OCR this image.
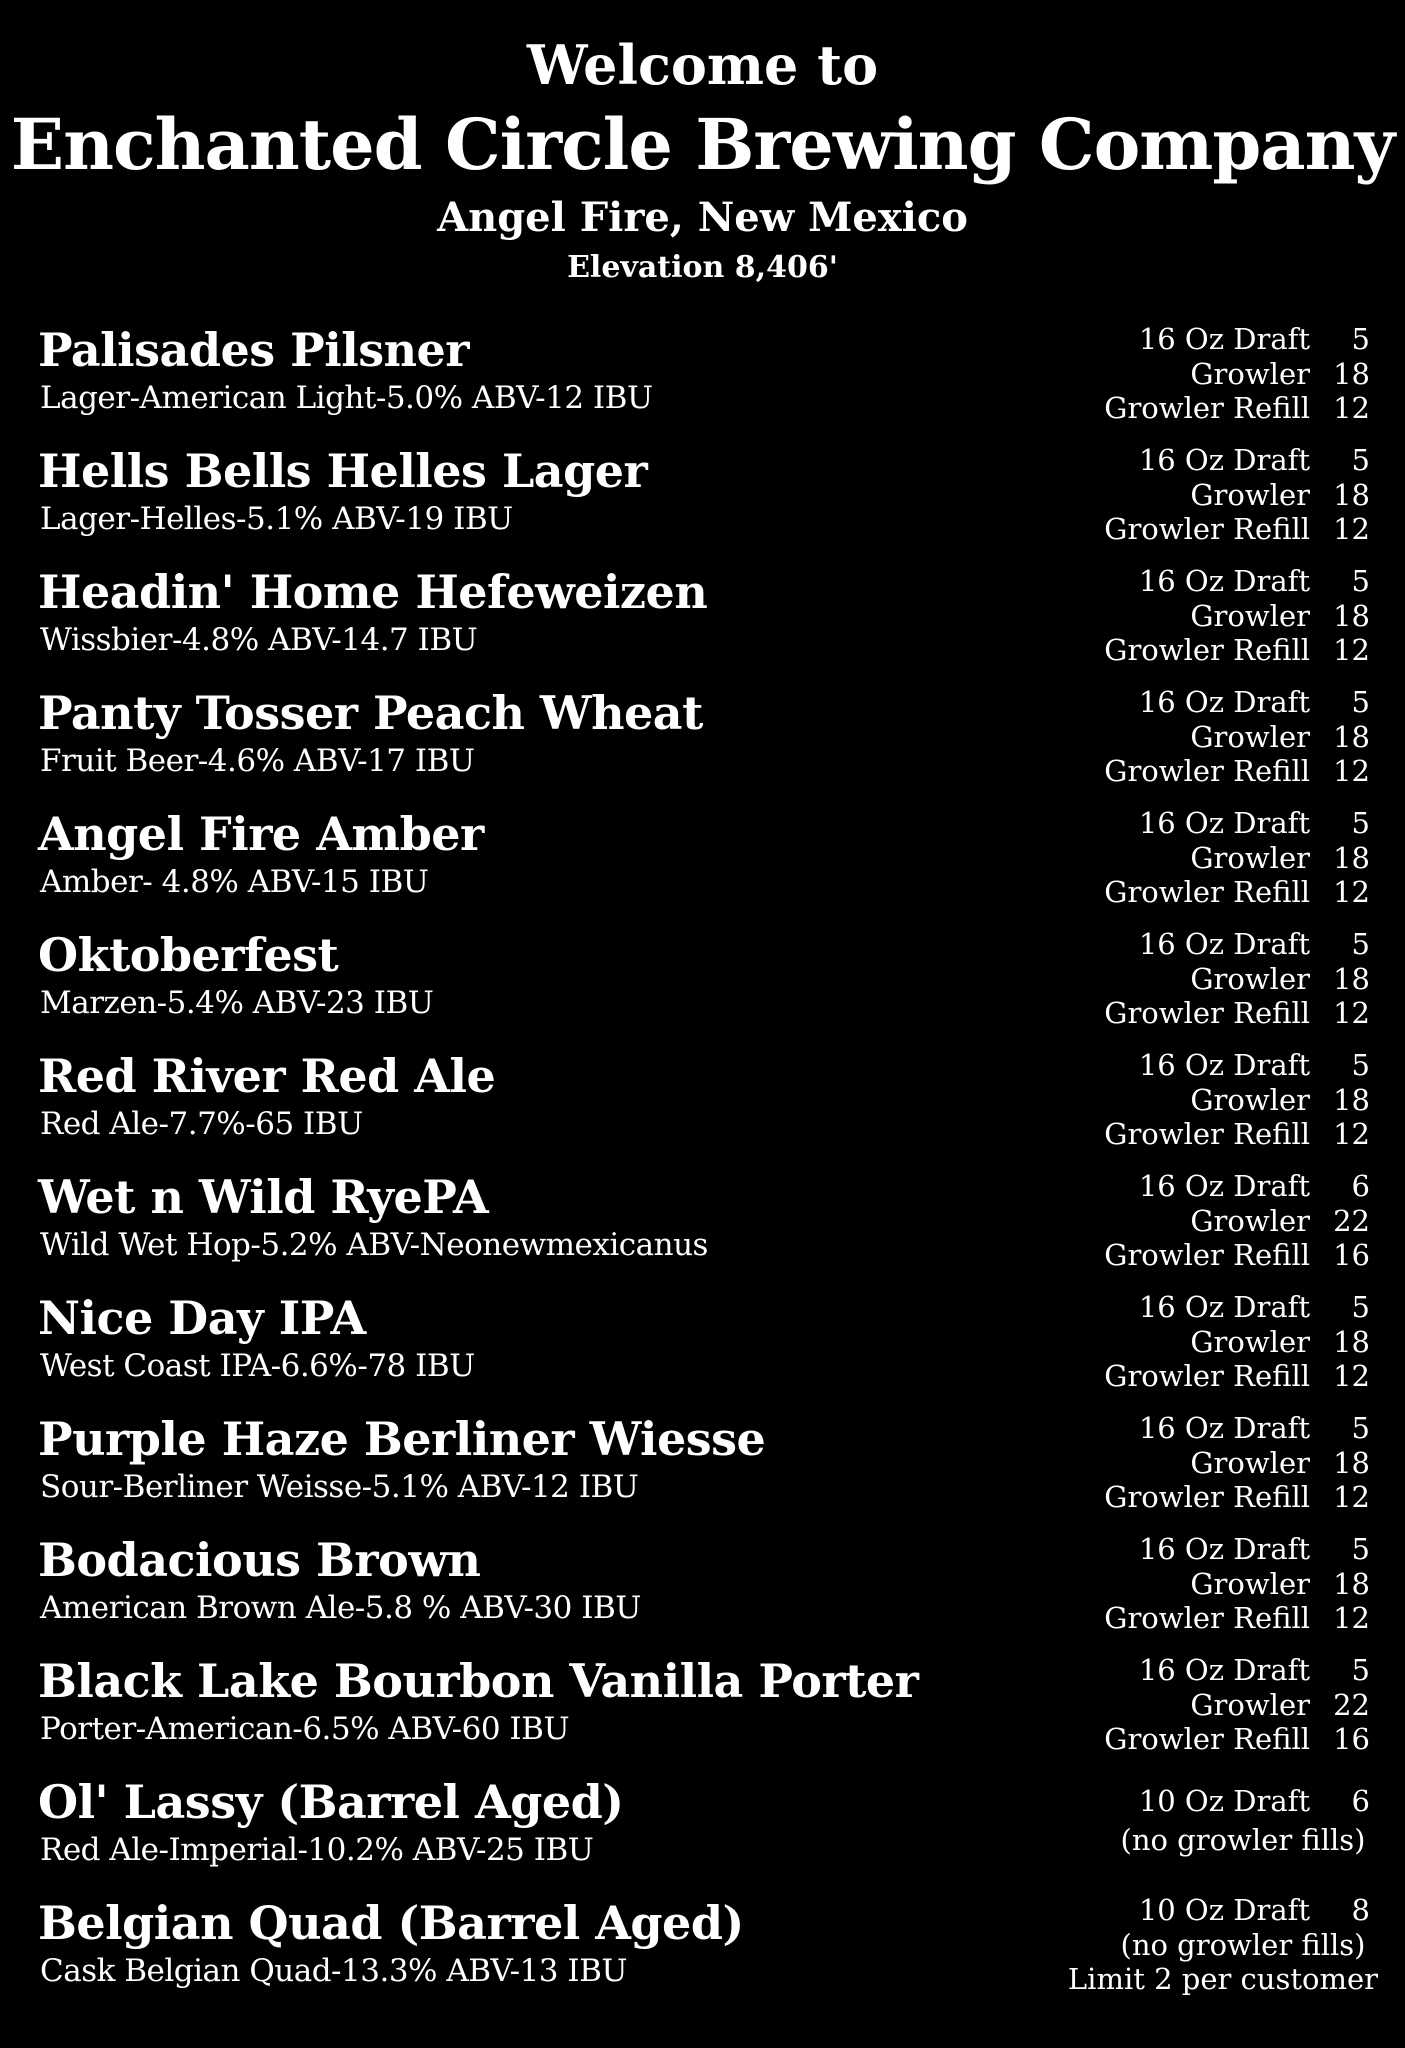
Welcome to

Enchanted Circle Brewing Company

Angel Fire, New Mexico

Elevation 8,406'

Palisades Pilsner
Lager-American Light-5.0% ABV-12 IBU
16 Oz Draft	5
Growler 18
Growler Refill 12
Hells Bells Helles Lager
Lager-Helles-5.1% ABV-19 IBU
16 Oz Draft	5
Growler 18
Growler Refill 12
Headin' Home Hefeweizen
Wissbier-4.8% ABV-14.7 IBU
16 Oz Draft	5
Growler 18
Growler Refill 12
Panty Tosser Peach Wheat
Fruit Beer-4.6% ABV-17 IBU
16 Oz Draft	5
Growler 18
Growler Refill 12
Angel Fire Amber
Amber- 4.8% ABV-15 IBU
16 Oz Draft	5
Growler 18
Growler Refill 12
Oktoberfest
Marzen-5.4% ABV-23 IBU
16 Oz Draft	5
Growler 18
Growler Refill 12
Red River Red Ale
Red Ale-7.7%-65 IBU
16 Oz Draft	5
Growler 18
Growler Refill 12
Wet n Wild RyePA
Wild Wet Hop-5.2% ABV-Neonewmexicanus
16 Oz Draft	6
Growler 22
Growler Refill 16
Nice Day IPA
West Coast IPA-6.6%-78 IBU
16 Oz Draft	5
Growler 18
Growler Refill 12
Purple Haze Berliner Wiesse
Sour-Berliner Weisse-5.1% ABV-12 IBU
16 Oz Draft	5
Growler 18
Growler Refill 12
Bodacious Brown
American Brown Ale-5.8 % ABV-30 IBU
16 Oz Draft	5
Growler 18
Growler Refill 12
Black Lake Bourbon Vanilla Porter
Porter-American-6.5% ABV-60 IBU
16 Oz Draft	5
Growler 22
Growler Refill 16
Ol' Lassy (Barrel Aged)
Red Ale-Imperial-10.2% ABV-25 IBU
10 Oz Draft	6
(no growler fills)
Belgian Quad (Barrel Aged)
Cask Belgian Quad-13.3% ABV-13 IBU
10 Oz Draft	8
(no growler fills)
Limit 2 per customer
